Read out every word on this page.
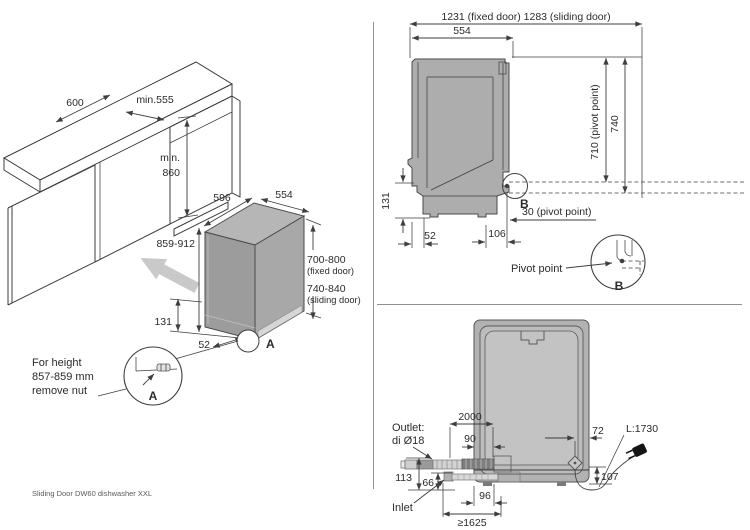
600	min.555
min.
860
596	554
859-912
131
52
700-800
(fixed door)
740-840
(sliding door)
A
A
For height
857-859 mm
remove nut
1231 (fixed door) 1283 (sliding door)
554
B
710 (pivot point) 740
131
52	106
30 (pivot point)
B
Pivot point
2000
90
72 L:1730
107
113 66
96
≥1625
Outlet:
di Ø18
Inlet
Sliding Door DW60 dishwasher XXL
